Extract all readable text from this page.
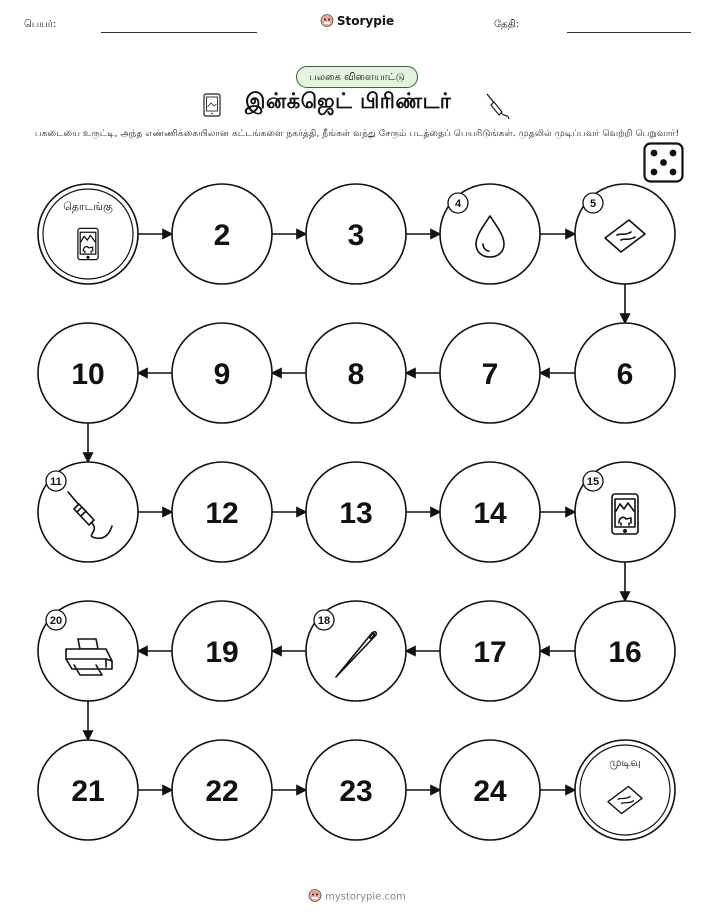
பெயர்:	Storypie	தேதி:
பலகை விளையாட்டு
இன்க்ஜெட் பிரிண்டர்
பகடையை உருட்டி, அந்த எண்ணிக்கையிலான கட்டங்களை நகர்த்தி, நீங்கள் வந்து சேரும் படத்தைப் பெயரிடுங்கள். முதலில் முடிப்பவர் வெற்றி பெறுவார்!
தொடங்கு
2	3
4	5
6
7
8
9
10
11
12	13	14
15
16
17
18
19
20
21	22	23	24
முடிவு
mystorypie.com
